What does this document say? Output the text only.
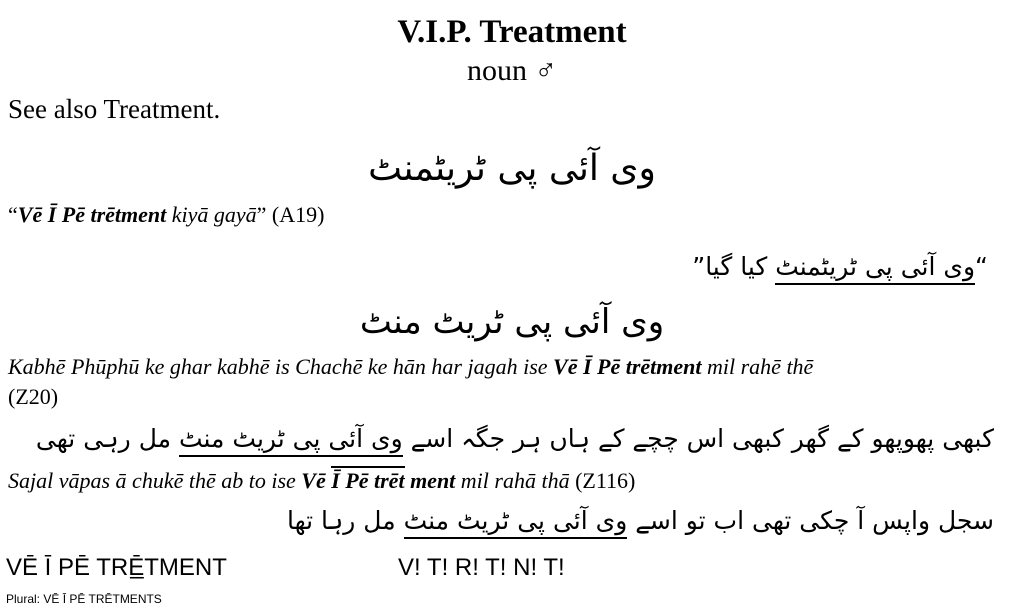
V.I.P. Treatment
noun ♂
See also Treatment.
وی آئی پی ٹریٹمنٹ
“Vē Ī Pē trētment kiyā gayā” (A19)
“وی آئی پی ٹریٹمنٹ کیا گیا”
وی آئی پی ٹریٹ منٹ
Kabhē Phūphū ke ghar kabhē is Chachē ke hān har jagah ise Vē Ī Pē trētment mil rahē thē
(Z20)
کبھی پھوپھو کے گھر کبھی اس چچے کے ہاں ہر جگہ اسے وی آئی پی ٹریٹ منٹ مل رہی تھی
Sajal vāpas ā chukē thē ab to ise Vē Ī Pē trēt ment mil rahā thā (Z116)
سجل واپس آ چکی تھی اب تو اسے وی آئی پی ٹریٹ منٹ مل رہا تھا
VĒ Ī PĒ TRĒ̲TMENT	V! T! R! T! N! T!
Plural: VĒ Ī PĒ TRĒTMENTS
